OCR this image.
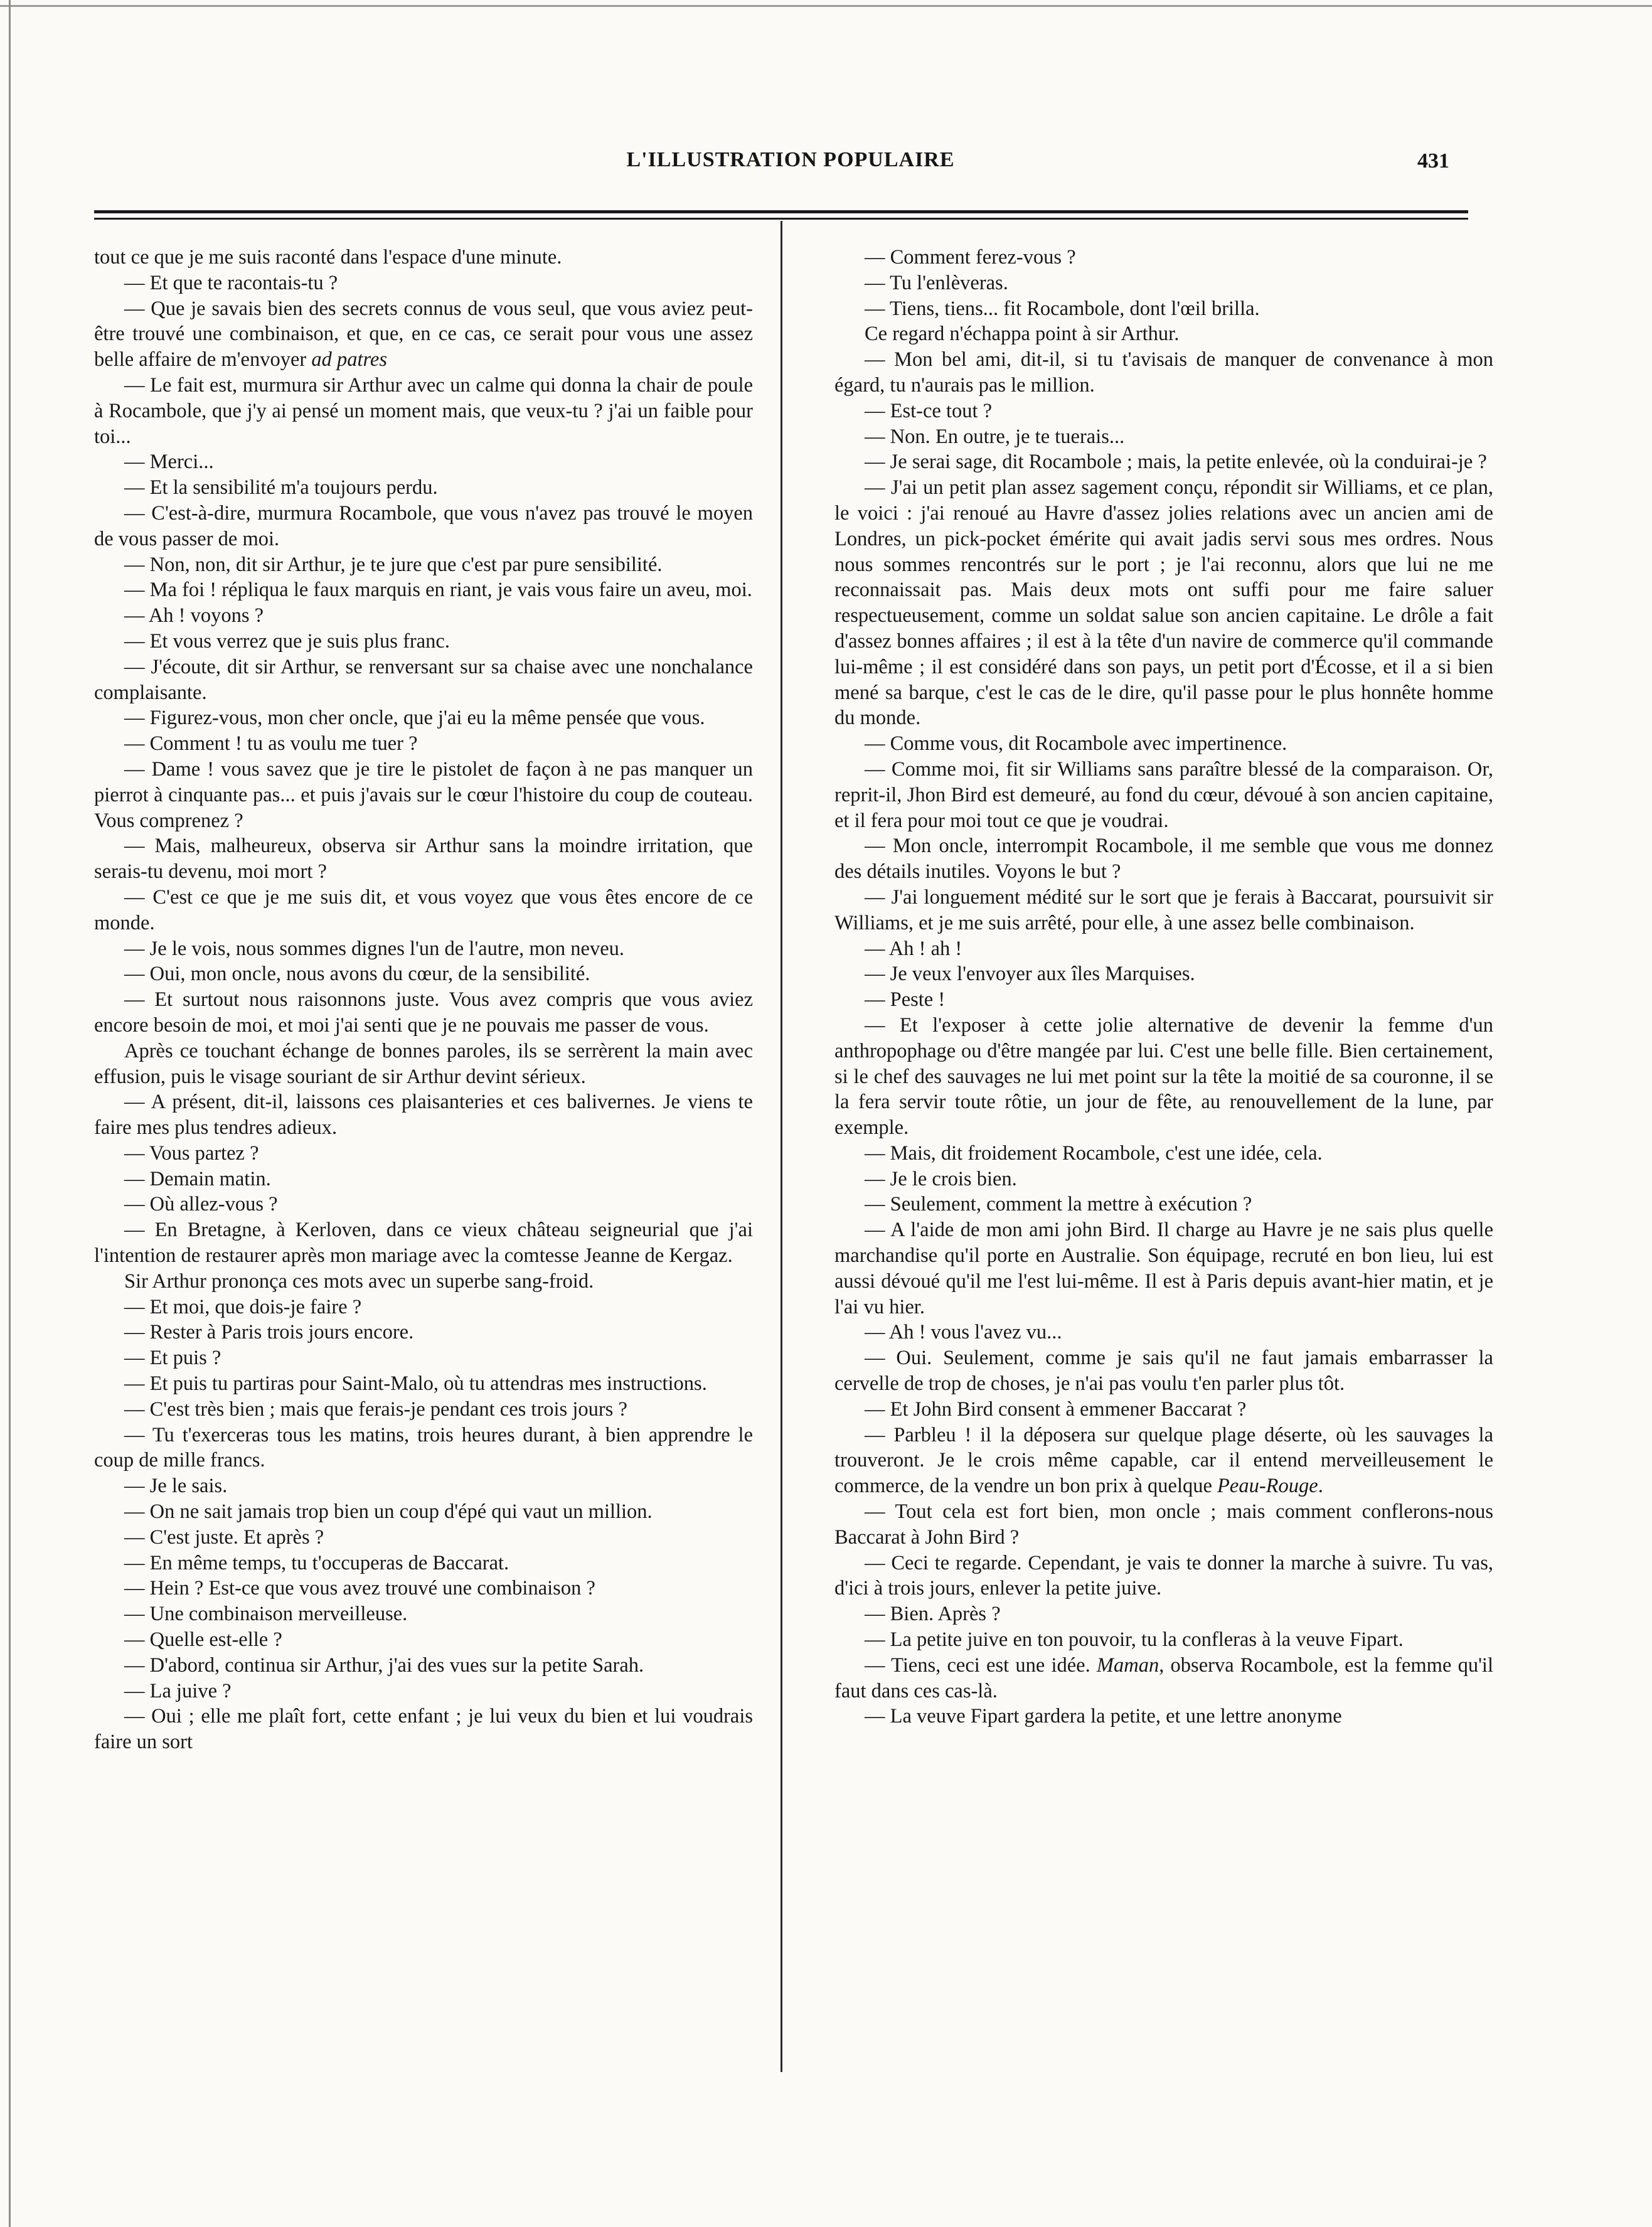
L'ILLUSTRATION POPULAIRE	431

tout ce que je me suis raconté dans l'espace d'une minute.

— Et que te racontais-tu ?

— Que je savais bien des secrets connus de vous seul, que vous aviez peut-être trouvé une combinaison, et que, en ce cas, ce serait pour vous une assez belle affaire de m'envoyer ad patres

— Le fait est, murmura sir Arthur avec un calme qui donna la chair de poule à Rocambole, que j'y ai pensé un moment mais, que veux-tu ? j'ai un faible pour toi...

— Merci...

— Et la sensibilité m'a toujours perdu.

— C'est-à-dire, murmura Rocambole, que vous n'avez pas trouvé le moyen de vous passer de moi.

— Non, non, dit sir Arthur, je te jure que c'est par pure sensibilité.

— Ma foi ! répliqua le faux marquis en riant, je vais vous faire un aveu, moi.

— Ah ! voyons ?

— Et vous verrez que je suis plus franc.

— J'écoute, dit sir Arthur, se renversant sur sa chaise avec une nonchalance complaisante.

— Figurez-vous, mon cher oncle, que j'ai eu la même pensée que vous.

— Comment ! tu as voulu me tuer ?

— Dame ! vous savez que je tire le pistolet de façon à ne pas manquer un pierrot à cinquante pas... et puis j'avais sur le cœur l'histoire du coup de couteau. Vous comprenez ?

— Mais, malheureux, observa sir Arthur sans la moindre irritation, que serais-tu devenu, moi mort ?

— C'est ce que je me suis dit, et vous voyez que vous êtes encore de ce monde.

— Je le vois, nous sommes dignes l'un de l'autre, mon neveu.

— Oui, mon oncle, nous avons du cœur, de la sensibilité.

— Et surtout nous raisonnons juste. Vous avez compris que vous aviez encore besoin de moi, et moi j'ai senti que je ne pouvais me passer de vous.

Après ce touchant échange de bonnes paroles, ils se serrèrent la main avec effusion, puis le visage souriant de sir Arthur devint sérieux.

— A présent, dit-il, laissons ces plaisanteries et ces balivernes. Je viens te faire mes plus tendres adieux.

— Vous partez ?

— Demain matin.

— Où allez-vous ?

— En Bretagne, à Kerloven, dans ce vieux château seigneurial que j'ai l'intention de restaurer après mon mariage avec la comtesse Jeanne de Kergaz.

Sir Arthur prononça ces mots avec un superbe sang-froid.

— Et moi, que dois-je faire ?

— Rester à Paris trois jours encore.

— Et puis ?

— Et puis tu partiras pour Saint-Malo, où tu attendras mes instructions.

— C'est très bien ; mais que ferais-je pendant ces trois jours ?

— Tu t'exerceras tous les matins, trois heures durant, à bien apprendre le coup de mille francs.

— Je le sais.

— On ne sait jamais trop bien un coup d'épé qui vaut un million.

— C'est juste. Et après ?

— En même temps, tu t'occuperas de Baccarat.

— Hein ? Est-ce que vous avez trouvé une combinaison ?

— Une combinaison merveilleuse.

— Quelle est-elle ?

— D'abord, continua sir Arthur, j'ai des vues sur la petite Sarah.

— La juive ?

— Oui ; elle me plaît fort, cette enfant ; je lui veux du bien et lui voudrais faire un sort

— Comment ferez-vous ?

— Tu l'enlèveras.

— Tiens, tiens... fit Rocambole, dont l'œil brilla.

Ce regard n'échappa point à sir Arthur.

— Mon bel ami, dit-il, si tu t'avisais de manquer de convenance à mon égard, tu n'aurais pas le million.

— Est-ce tout ?

— Non. En outre, je te tuerais...

— Je serai sage, dit Rocambole ; mais, la petite enlevée, où la conduirai-je ?

— J'ai un petit plan assez sagement conçu, répondit sir Williams, et ce plan, le voici : j'ai renoué au Havre d'assez jolies relations avec un ancien ami de Londres, un pick-pocket émérite qui avait jadis servi sous mes ordres. Nous nous sommes rencontrés sur le port ; je l'ai reconnu, alors que lui ne me reconnaissait pas. Mais deux mots ont suffi pour me faire saluer respectueusement, comme un soldat salue son ancien capitaine. Le drôle a fait d'assez bonnes affaires ; il est à la tête d'un navire de commerce qu'il commande lui-même ; il est considéré dans son pays, un petit port d'Écosse, et il a si bien mené sa barque, c'est le cas de le dire, qu'il passe pour le plus honnête homme du monde.

— Comme vous, dit Rocambole avec impertinence.

— Comme moi, fit sir Williams sans paraître blessé de la comparaison. Or, reprit-il, Jhon Bird est demeuré, au fond du cœur, dévoué à son ancien capitaine, et il fera pour moi tout ce que je voudrai.

— Mon oncle, interrompit Rocambole, il me semble que vous me donnez des détails inutiles. Voyons le but ?

— J'ai longuement médité sur le sort que je ferais à Baccarat, poursuivit sir Williams, et je me suis arrêté, pour elle, à une assez belle combinaison.

— Ah ! ah !

— Je veux l'envoyer aux îles Marquises.

— Peste !

— Et l'exposer à cette jolie alternative de devenir la femme d'un anthropophage ou d'être mangée par lui. C'est une belle fille. Bien certainement, si le chef des sauvages ne lui met point sur la tête la moitié de sa couronne, il se la fera servir toute rôtie, un jour de fête, au renouvellement de la lune, par exemple.

— Mais, dit froidement Rocambole, c'est une idée, cela.

— Je le crois bien.

— Seulement, comment la mettre à exécution ?

— A l'aide de mon ami john Bird. Il charge au Havre je ne sais plus quelle marchandise qu'il porte en Australie. Son équipage, recruté en bon lieu, lui est aussi dévoué qu'il me l'est lui-même. Il est à Paris depuis avant-hier matin, et je l'ai vu hier.

— Ah ! vous l'avez vu...

— Oui. Seulement, comme je sais qu'il ne faut jamais embarrasser la cervelle de trop de choses, je n'ai pas voulu t'en parler plus tôt.

— Et John Bird consent à emmener Baccarat ?

— Parbleu ! il la déposera sur quelque plage déserte, où les sauvages la trouveront. Je le crois même capable, car il entend merveilleusement le commerce, de la vendre un bon prix à quelque Peau-Rouge.

— Tout cela est fort bien, mon oncle ; mais comment conflerons-nous Baccarat à John Bird ?

— Ceci te regarde. Cependant, je vais te donner la marche à suivre. Tu vas, d'ici à trois jours, enlever la petite juive.

— Bien. Après ?

— La petite juive en ton pouvoir, tu la confleras à la veuve Fipart.

— Tiens, ceci est une idée. Maman, observa Rocambole, est la femme qu'il faut dans ces cas-là.

— La veuve Fipart gardera la petite, et une lettre anonyme
